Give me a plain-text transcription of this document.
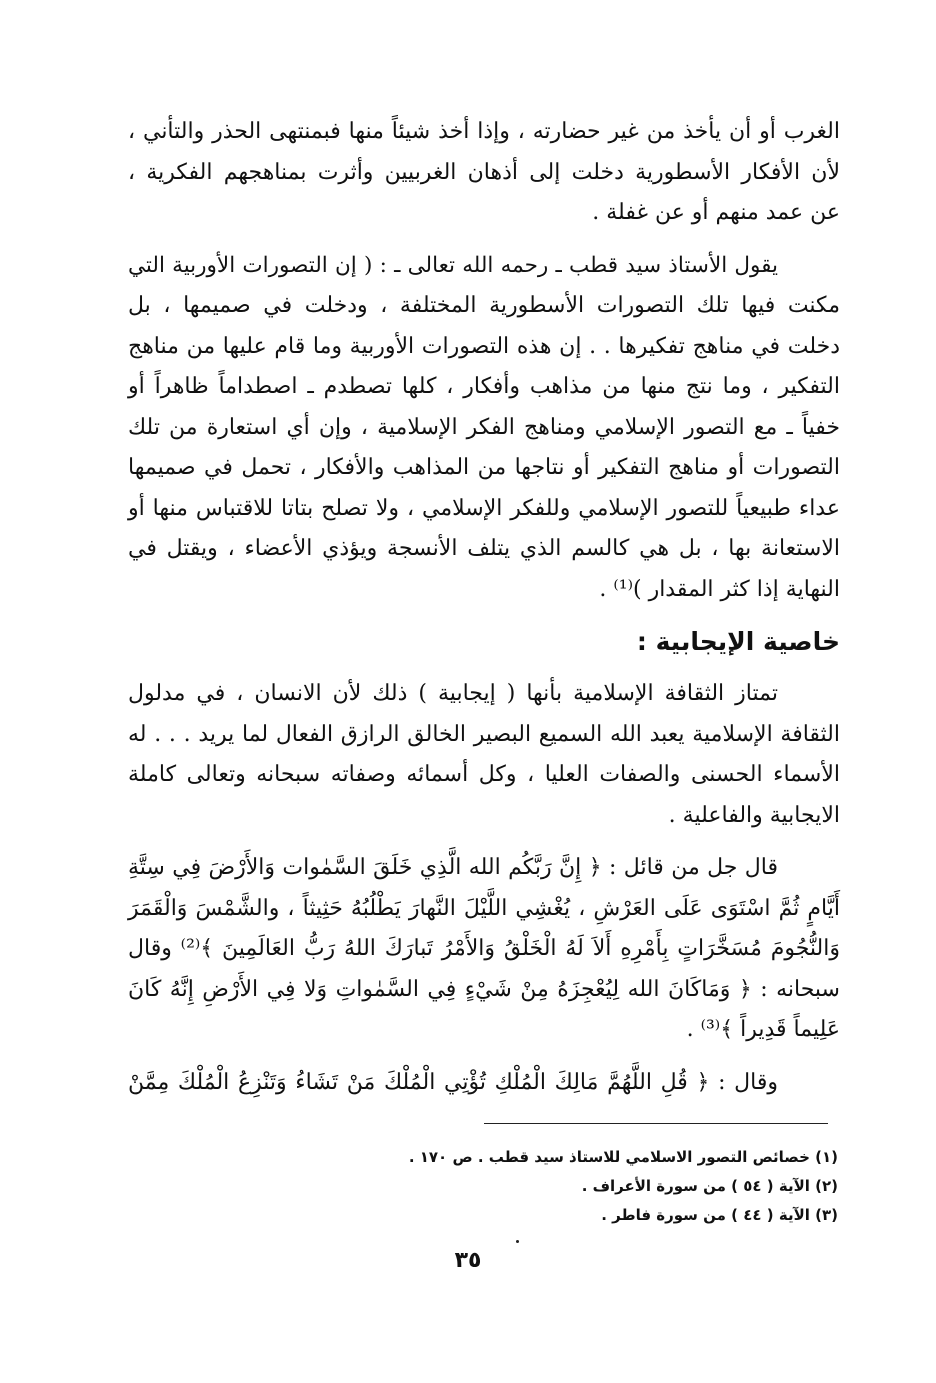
الغرب أو أن يأخذ من غير حضارته ، وإذا أخذ شيئاً منها فبمنتهى الحذر والتأني ،
لأن الأفكار الأسطورية دخلت إلى أذهان الغربيين وأثرت بمناهجهم الفكرية ،
عن عمد منهم أو عن غفلة .

يقول الأستاذ سيد قطب ـ رحمه الله تعالى ـ : ( إن التصورات الأوربية التي
مكنت فيها تلك التصورات الأسطورية المختلفة ، ودخلت في صميمها ، بل
دخلت في مناهج تفكيرها . . إن هذه التصورات الأوربية وما قام عليها من مناهج
التفكير ، وما نتج منها من مذاهب وأفكار ، كلها تصطدم ـ اصطداماً ظاهراً أو
خفياً ـ مع التصور الإسلامي ومناهج الفكر الإسلامية ، وإن أي استعارة من تلك
التصورات أو مناهج التفكير أو نتاجها من المذاهب والأفكار ، تحمل في صميمها
عداء طبيعياً للتصور الإسلامي وللفكر الإسلامي ، ولا تصلح بتاتا للاقتباس منها أو
الاستعانة بها ، بل هي كالسم الذي يتلف الأنسجة ويؤذي الأعضاء ، ويقتل في
النهاية إذا كثر المقدار )⁽¹⁾ .

خاصية الإيجابية :

تمتاز الثقافة الإسلامية بأنها ( إيجابية ) ذلك لأن الانسان ، في مدلول
الثقافة الإسلامية يعبد الله السميع البصير الخالق الرازق الفعال لما يريد . . . له
الأسماء الحسنى والصفات العليا ، وكل أسمائه وصفاته سبحانه وتعالى كاملة
الايجابية والفاعلية .

قال جل من قائل : ﴿ إِنَّ رَبَّكُم الله الَّذِي خَلَقَ السَّمٰوات وَالأَرْضَ فِي سِتَّةِ
أَيَّامٍ ثُمَّ اسْتَوَى عَلَى العَرْشِ ، يُغْشِي اللَّيْلَ النَّهارَ يَطْلُبُهُ حَثِيثاً ، والشَّمْسَ وَالْقَمَرَ
وَالنُّجُومَ مُسَخَّرَاتٍ بِأَمْرِهِ أَلاَ لَهُ الْخَلْقُ وَالأَمْرُ تَبارَكَ اللهُ رَبُّ العَالَمِينَ ﴾⁽²⁾ وقال
سبحانه : ﴿ وَمَاكَانَ الله لِيُعْجِزَهُ مِنْ شَيْءٍ فِي السَّمٰواتِ وَلا فِي الأَرْضِ إِنَّهُ كَانَ
عَلِيماً قَدِيراً ﴾⁽³⁾ .

وقال : ﴿ قُلِ اللَّهُمَّ مَالِكَ الْمُلْكِ تُؤْتِي الْمُلْكَ مَنْ تَشَاءُ وَتَنْزِعُ الْمُلْكَ مِمَّنْ

(١) خصائص التصور الاسلامي للاستاذ سيد قطب . ص ١٧٠ .
(٢) الآية ( ٥٤ ) من سورة الأعراف .
(٣) الآية ( ٤٤ ) من سورة فاطر .
٣٥
